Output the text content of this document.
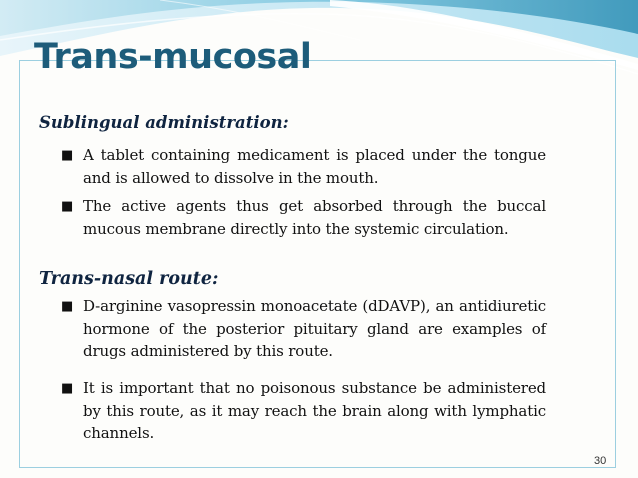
Trans-mucosal
Sublingual administration:

■ A tablet containing medicament is placed under the tongue and is allowed to dissolve in the mouth.

■ The active agents thus get absorbed through the buccal mucous membrane directly into the systemic circulation.

Trans-nasal route:

■ D-arginine vasopressin monoacetate (dDAVP), an antidiuretic hormone of the posterior pituitary gland are examples of drugs administered by this route.

■ It is important that no poisonous substance be administered by this route, as it may reach the brain along with lymphatic channels.

30
